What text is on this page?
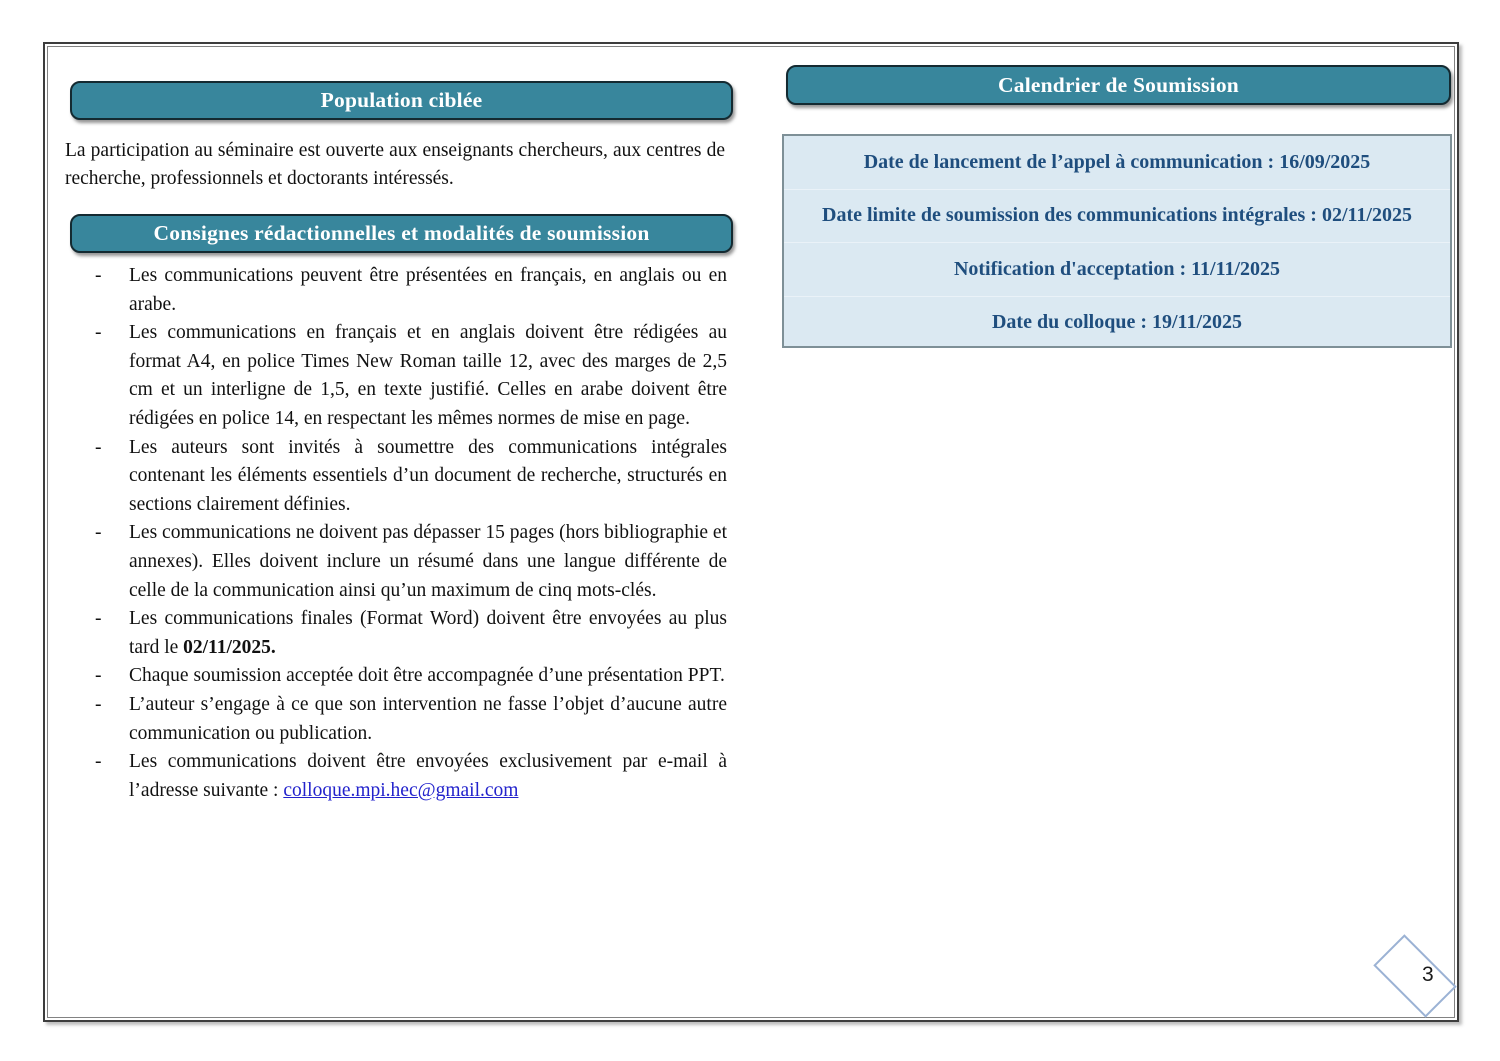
Population ciblée
La participation au séminaire est ouverte aux enseignants chercheurs, aux centres de recherche, professionnels et doctorants intéressés.
Consignes rédactionnelles et modalités de soumission
-	Les communications peuvent être présentées en français, en anglais ou en arabe.
-	Les communications en français et en anglais doivent être rédigées au format A4, en police Times New Roman taille 12, avec des marges de 2,5 cm et un interligne de 1,5, en texte justifié. Celles en arabe doivent être rédigées en police 14, en respectant les mêmes normes de mise en page.
-	Les auteurs sont invités à soumettre des communications intégrales contenant les éléments essentiels d’un document de recherche, structurés en sections clairement définies.
-	Les communications ne doivent pas dépasser 15 pages (hors bibliographie et annexes). Elles doivent inclure un résumé dans une langue différente de celle de la communication ainsi qu’un maximum de cinq mots-clés.
-	Les communications finales (Format Word) doivent être envoyées au plus tard le 02/11/2025.
-	Chaque soumission acceptée doit être accompagnée d’une présentation PPT.
-	L’auteur s’engage à ce que son intervention ne fasse l’objet d’aucune autre communication ou publication.
-	Les communications doivent être envoyées exclusivement par e-mail à l’adresse suivante : colloque.mpi.hec@gmail.com
Calendrier de Soumission
Date de lancement de l’appel à communication : 16/09/2025
Date limite de soumission des communications intégrales : 02/11/2025
Notification d'acceptation : 11/11/2025
Date du colloque : 19/11/2025
3
